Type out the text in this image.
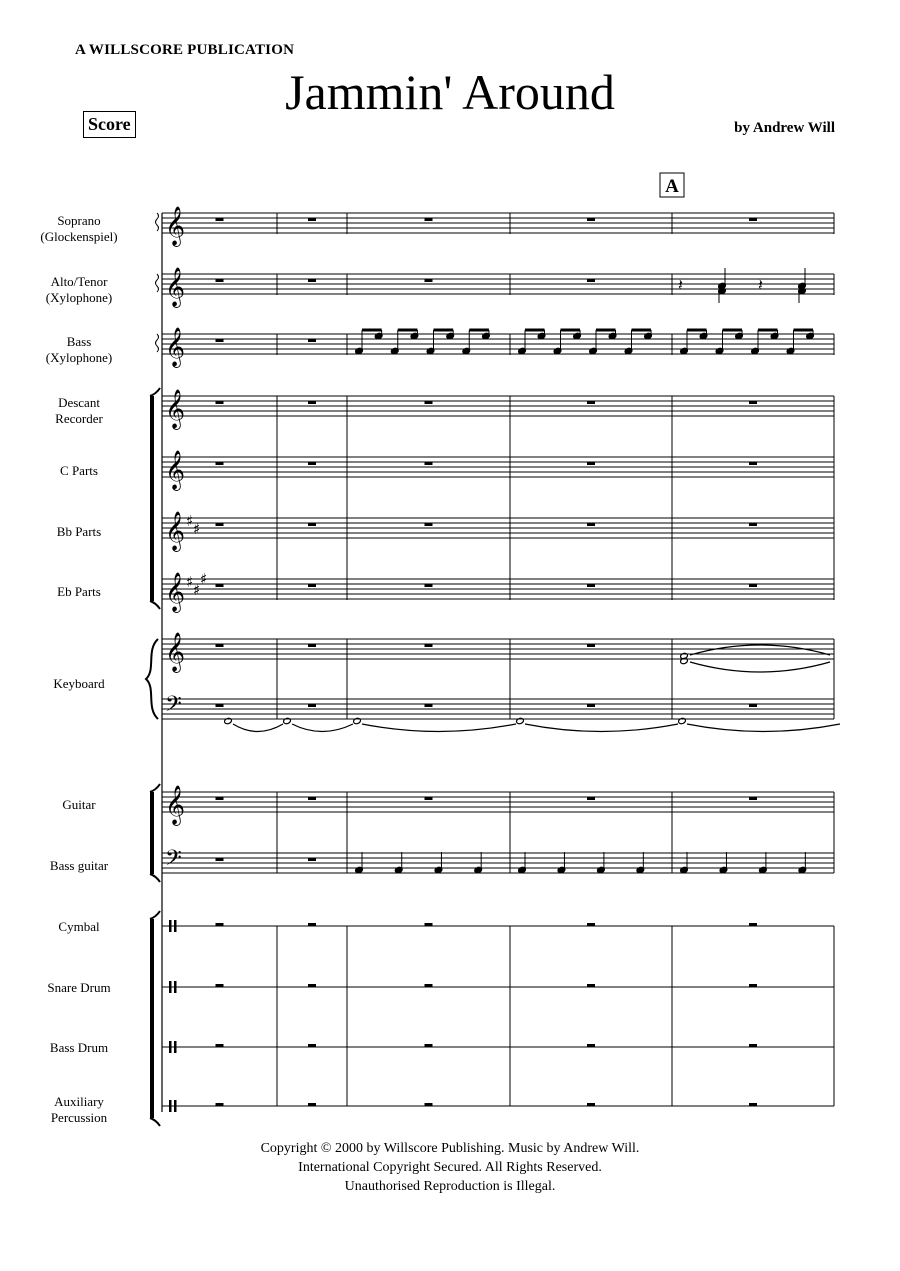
A WILLSCORE PUBLICATION
Jammin' Around
Score	by Andrew Will
Soprano
(Glockenspiel)
Alto/Tenor
(Xylophone)
Bass
(Xylophone)
Descant
Recorder
C Parts
Bb Parts
Eb Parts
Keyboard
Guitar
Bass guitar
Cymbal
Snare Drum
Bass Drum
Auxiliary
Percussion
𝄞
𝄞
𝄞
𝄞
𝄞
𝄞 ♯ ♯
𝄞 ♯ ♯
♯
𝄞
𝄢
𝄞
𝄢
𝄽	𝄽
A
Copyright © 2000 by Willscore Publishing. Music by Andrew Will.
International Copyright Secured. All Rights Reserved.
Unauthorised Reproduction is Illegal.
